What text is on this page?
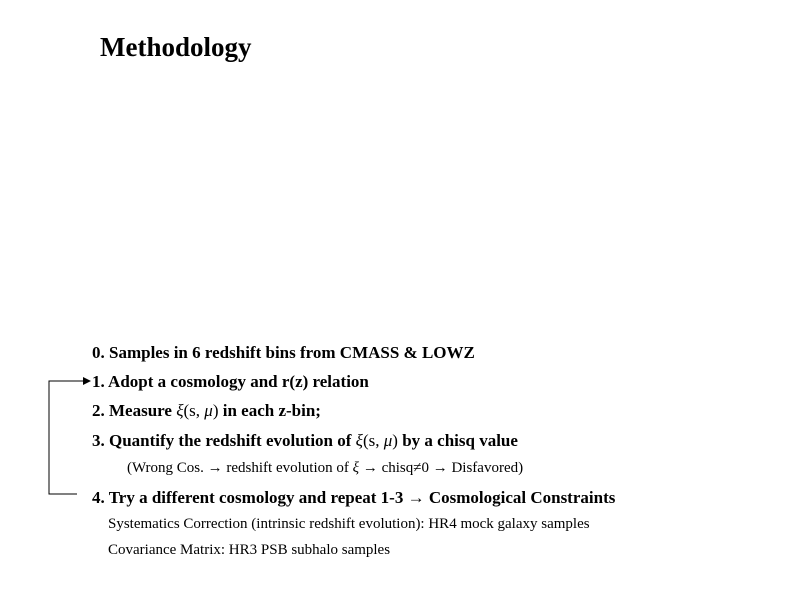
Methodology
0. Samples in 6 redshift bins from CMASS & LOWZ
1. Adopt a cosmology and r(z) relation
2. Measure ξ(s, μ) in each z-bin;
3. Quantify the redshift evolution of ξ(s, μ) by a chisq value
(Wrong Cos. → redshift evolution of ξ → chisq≠0 → Disfavored)
4. Try a different cosmology and repeat 1-3 → Cosmological Constraints
Systematics Correction (intrinsic redshift evolution): HR4 mock galaxy samples
Covariance Matrix: HR3 PSB subhalo samples
